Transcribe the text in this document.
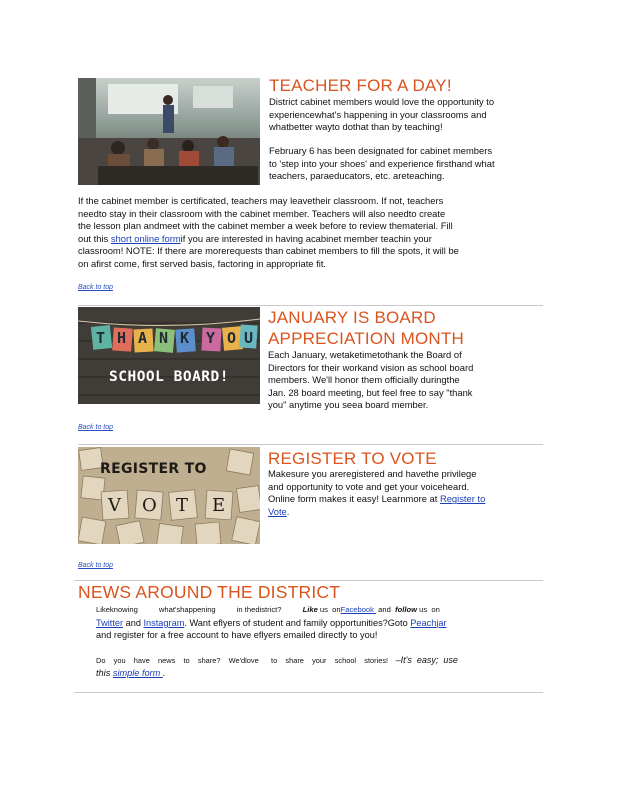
TEACHER FOR A DAY!
District cabinet members would love the opportunity to
experiencewhat's happening in your classrooms and
whatbetter wayto dothat than by teaching!
February 6 has been designated for cabinet members
to 'step into your shoes' and experience firsthand what
teachers, paraeducators, etc. areteaching.
If the cabinet member is certificated, teachers may leavetheir classroom. If not, teachers
needto stay in their classroom with the cabinet member. Teachers will also needto create
the lesson plan andmeet with the cabinet member a week before to review thematerial. Fill
out this short online formif you are interested in having acabinet member teachin your
classroom! NOTE: If there are morerequests than cabinet members to fill the spots, it will be
on afirst come, first served basis, factoring in appropriate fit.
Back to top
T H A N K Y O U
SCHOOL BOARD!
JANUARY IS BOARD
APPRECIATION MONTH
Each January, wetaketimetothank the Board of
Directors for their workand vision as school board
members. We'll honor them officially duringthe
Jan. 28 board meeting, but feel free to say "thank
you" anytime you seea board member.
Back to top
REGISTER TO
V O T E
REGISTER TO VOTE
Makesure you areregistered and havethe privilege
and opportunity to vote and get your voiceheard.
Online form makes it easy! Learnmore at Register to
Vote.
Back to top
NEWS AROUND THE DISTRICT

Likeknowing          what'shappening          in thedistrict?          Like us  onFacebook  and  follow us  on

Twitter and Instagram. Want eflyers of student and family opportunities?Goto Peachjar

and register for a free account to have eflyers emailed directly to you!

Do    you    have    news    to    share?    We'dlove      to    share    your    school    stories!   –It's  easy;  use

this simple form .
